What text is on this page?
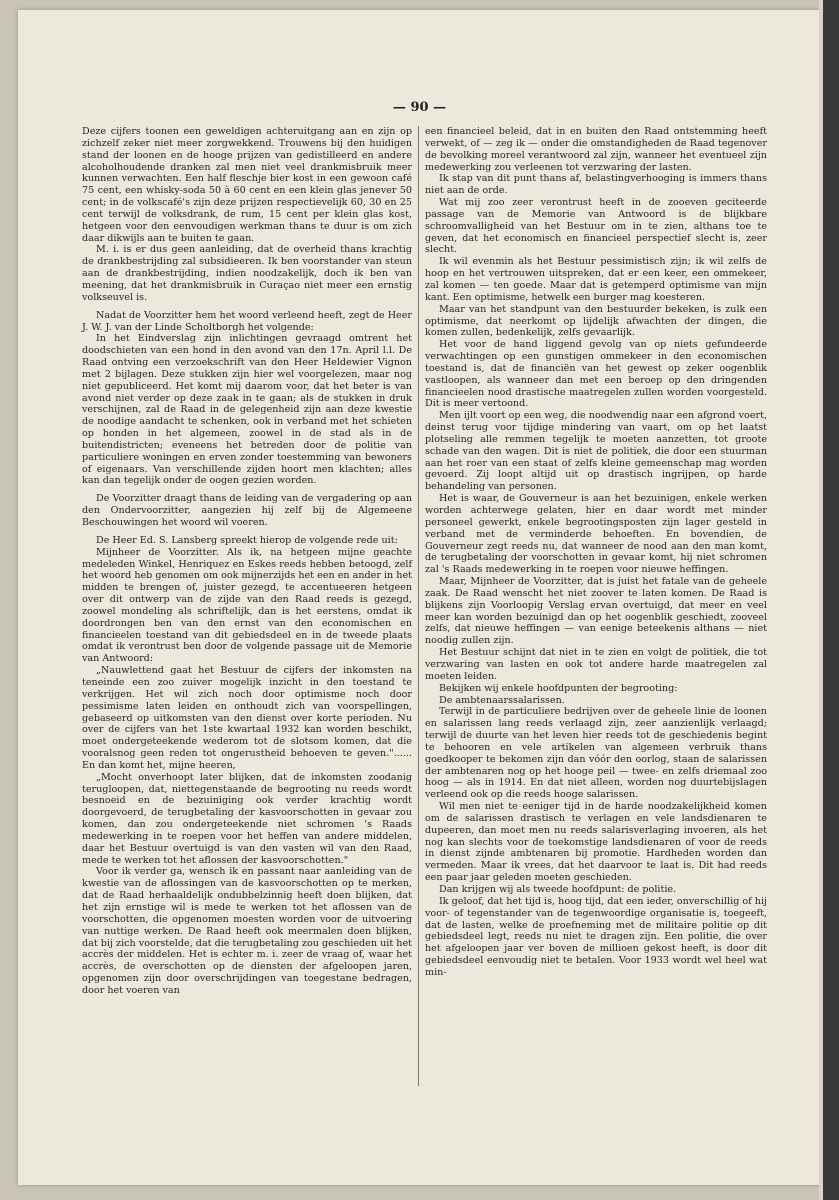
— 90 —

Deze cijfers toonen een geweldigen achteruitgang aan en zijn op zichzelf zeker niet meer zorgwekkend. Trouwens bij den huidigen stand der loonen en de hooge prijzen van gedistilleerd en andere alcoholhoudende dranken zal men niet veel drankmisbruik meer kunnen verwachten. Een half fleschje bier kost in een gewoon café 75 cent, een whisky-soda 50 à 60 cent en een klein glas jenever 50 cent; in de volkscafé's zijn deze prijzen respectievelijk 60, 30 en 25 cent terwijl de volksdrank, de rum, 15 cent per klein glas kost, hetgeen voor den eenvoudigen werkman thans te duur is om zich daar dikwijls aan te buiten te gaan.

M. i. is er dus geen aanleiding, dat de overheid thans krachtig de drankbestrijding zal subsidieeren. Ik ben voorstander van steun aan de drankbestrijding, indien noodzakelijk, doch ik ben van meening, dat het drankmisbruik in Curaçao niet meer een ernstig volkseuvel is.

Nadat de Voorzitter hem het woord verleend heeft, zegt de Heer J. W. J. van der Linde Scholtborgh het volgende:

In het Eindverslag zijn inlichtingen gevraagd omtrent het doodschieten van een hond in den avond van den 17n. April l.l. De Raad ontving een verzoekschrift van den Heer Heldewier Vignon met 2 bijlagen. Deze stukken zijn hier wel voorgelezen, maar nog niet gepubliceerd. Het komt mij daarom voor, dat het beter is van avond niet verder op deze zaak in te gaan; als de stukken in druk verschijnen, zal de Raad in de gelegenheid zijn aan deze kwestie de noodige aandacht te schenken, ook in verband met het schieten op honden in het algemeen, zoowel in de stad als in de buitendistricten; eveneens het betreden door de politie van particuliere woningen en erven zonder toestemming van bewoners of eigenaars. Van verschillende zijden hoort men klachten; alles kan dan tegelijk onder de oogen gezien worden.

De Voorzitter draagt thans de leiding van de vergadering op aan den Ondervoorzitter, aangezien hij zelf bij de Algemeene Beschouwingen het woord wil voeren.

De Heer Ed. S. Lansberg spreekt hierop de volgende rede uit:

Mijnheer de Voorzitter. Als ik, na hetgeen mijne geachte medeleden Winkel, Henriquez en Eskes reeds hebben betoogd, zelf het woord heb genomen om ook mijnerzijds het een en ander in het midden te brengen of, juister gezegd, te accentueeren hetgeen over dit ontwerp van de zijde van den Raad reeds is gezegd, zoowel mondeling als schriftelijk, dan is het eerstens, omdat ik doordrongen ben van den ernst van den economischen en financieelen toestand van dit gebiedsdeel en in de tweede plaats omdat ik verontrust ben door de volgende passage uit de Memorie van Antwoord:

„Nauwlettend gaat het Bestuur de cijfers der inkomsten na teneinde een zoo zuiver mogelijk inzicht in den toestand te verkrijgen. Het wil zich noch door optimisme noch door pessimisme laten leiden en onthoudt zich van voorspellingen, gebaseerd op uitkomsten van den dienst over korte perioden. Nu over de cijfers van het 1ste kwartaal 1932 kan worden beschikt, moet ondergeteekende wederom tot de slotsom komen, dat die vooralsnog geen reden tot ongerustheid behoeven te geven."...... En dan komt het, mijne heeren,

„Mocht onverhoopt later blijken, dat de inkomsten zoodanig terugloopen, dat, niettegenstaande de begrooting nu reeds wordt besnoeid en de bezuiniging ook verder krachtig wordt doorgevoerd, de terugbetaling der kasvoorschotten in gevaar zou komen, dan zou ondergeteekende niet schromen 's Raads medewerking in te roepen voor het heffen van andere middelen, daar het Bestuur overtuigd is van den vasten wil van den Raad, mede te werken tot het aflossen der kasvoorschotten."

Voor ik verder ga, wensch ik en passant naar aanleiding van de kwestie van de aflossingen van de kasvoorschotten op te merken, dat de Raad herhaaldelijk ondubbelzinnig heeft doen blijken, dat het zijn ernstige wil is mede te werken tot het aflossen van de voorschotten, die opgenomen moesten worden voor de uitvoering van nuttige werken. De Raad heeft ook meermalen doen blijken, dat bij zich voorstelde, dat die terugbetaling zou geschieden uit het accrès der middelen. Het is echter m. i. zeer de vraag of, waar het accrès, de overschotten op de diensten der afgeloopen jaren, opgenomen zijn door overschrijdingen van toegestane bedragen, door het voeren van

een financieel beleid, dat in en buiten den Raad ontstemming heeft verwekt, of — zeg ik — onder die omstandigheden de Raad tegenover de bevolking moreel verantwoord zal zijn, wanneer het eventueel zijn medewerking zou verleenen tot verzwaring der lasten.

Ik stap van dit punt thans af, belastingverhooging is immers thans niet aan de orde.

Wat mij zoo zeer verontrust heeft in de zooeven geciteerde passage van de Memorie van Antwoord is de blijkbare schroomvalligheid van het Bestuur om in te zien, althans toe te geven, dat het economisch en financieel perspectief slecht is, zeer slecht.

Ik wil evenmin als het Bestuur pessimistisch zijn; ik wil zelfs de hoop en het vertrouwen uitspreken, dat er een keer, een ommekeer, zal komen — ten goede. Maar dat is getemperd optimisme van mijn kant. Een optimisme, hetwelk een burger mag koesteren.

Maar van het standpunt van den bestuurder bekeken, is zulk een optimisme, dat neerkomt op lijdelijk afwachten der dingen, die komen zullen, bedenkelijk, zelfs gevaarlijk.

Het voor de hand liggend gevolg van op niets gefundeerde verwachtingen op een gunstigen ommekeer in den economischen toestand is, dat de financiën van het gewest op zeker oogenblik vastloopen, als wanneer dan met een beroep op den dringenden financieelen nood drastische maatregelen zullen worden voorgesteld. Dit is meer vertoond.

Men ijlt voort op een weg, die noodwendig naar een afgrond voert, deinst terug voor tijdige mindering van vaart, om op het laatst plotseling alle remmen tegelijk te moeten aanzetten, tot groote schade van den wagen. Dit is niet de politiek, die door een stuurman aan het roer van een staat of zelfs kleine gemeenschap mag worden gevoerd. Zij loopt altijd uit op drastisch ingrijpen, op harde behandeling van personen.

Het is waar, de Gouverneur is aan het bezuinigen, enkele werken worden achterwege gelaten, hier en daar wordt met minder personeel gewerkt, enkele begrootingsposten zijn lager gesteld in verband met de verminderde behoeften. En bovendien, de Gouverneur zegt reeds nu, dat wanneer de nood aan den man komt, de terugbetaling der voorschotten in gevaar komt, hij niet schromen zal 's Raads medewerking in te roepen voor nieuwe heffingen.

Maar, Mijnheer de Voorzitter, dat is juist het fatale van de geheele zaak. De Raad wenscht het niet zoover te laten komen. De Raad is blijkens zijn Voorloopig Verslag ervan overtuigd, dat meer en veel meer kan worden bezuinigd dan op het oogenblik geschiedt, zooveel zelfs, dat nieuwe heffingen — van eenige beteekenis althans — niet noodig zullen zijn.

Het Bestuur schijnt dat niet in te zien en volgt de politiek, die tot verzwaring van lasten en ook tot andere harde maatregelen zal moeten leiden.

Bekijken wij enkele hoofdpunten der begrooting:

De ambtenaarssalarissen.

Terwijl in de particuliere bedrijven over de geheele linie de loonen en salarissen lang reeds verlaagd zijn, zeer aanzienlijk verlaagd; terwijl de duurte van het leven hier reeds tot de geschiedenis begint te behooren en vele artikelen van algemeen verbruik thans goedkooper te bekomen zijn dan vóór den oorlog, staan de salarissen der ambtenaren nog op het hooge peil — twee- en zelfs driemaal zoo hoog — als in 1914. En dat niet alleen, worden nog duurtebijslagen verleend ook op die reeds hooge salarissen.

Wil men niet te eeniger tijd in de harde noodzakelijkheid komen om de salarissen drastisch te verlagen en vele landsdienaren te dupeeren, dan moet men nu reeds salarisverlaging invoeren, als het nog kan slechts voor de toekomstige landsdienaren of voor de reeds in dienst zijnde ambtenaren bij promotie. Hardheden worden dan vermeden. Maar ik vrees, dat het daarvoor te laat is. Dit had reeds een paar jaar geleden moeten geschieden.

Dan krijgen wij als tweede hoofdpunt: de politie.

Ik geloof, dat het tijd is, hoog tijd, dat een ieder, onverschillig of hij voor- of tegenstander van de tegenwoordige organisatie is, toegeeft, dat de lasten, welke de proefneming met de militaire politie op dit gebiedsdeel legt, reeds nu niet te dragen zijn. Een politie, die over het afgeloopen jaar ver boven de millioen gekost heeft, is door dit gebiedsdeel eenvoudig niet te betalen. Voor 1933 wordt wel heel wat min-
